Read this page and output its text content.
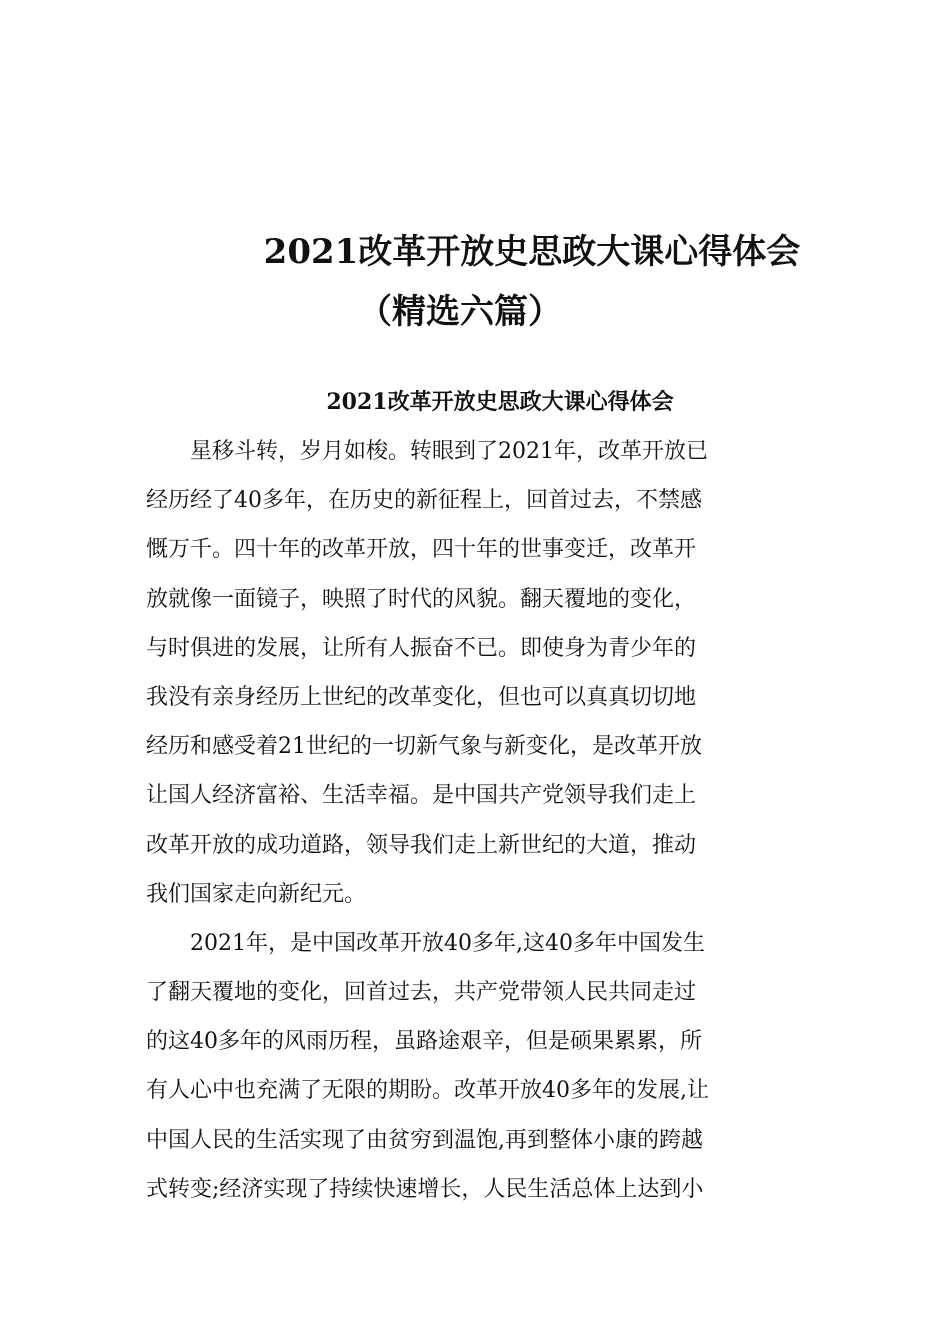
2021改革开放史思政大课心得体会
（精选六篇）
2021改革开放史思政大课心得体会
　　星移斗转，岁月如梭。转眼到了2021年，改革开放已
经历经了40多年，在历史的新征程上，回首过去，不禁感
慨万千。四十年的改革开放，四十年的世事变迁，改革开
放就像一面镜子，映照了时代的风貌。翻天覆地的变化，
与时俱进的发展，让所有人振奋不已。即使身为青少年的
我没有亲身经历上世纪的改革变化，但也可以真真切切地
经历和感受着21世纪的一切新气象与新变化，是改革开放
让国人经济富裕、生活幸福。是中国共产党领导我们走上
改革开放的成功道路，领导我们走上新世纪的大道，推动
我们国家走向新纪元。
　　2021年，是中国改革开放40多年,这40多年中国发生
了翻天覆地的变化，回首过去，共产党带领人民共同走过
的这40多年的风雨历程，虽路途艰辛，但是硕果累累，所
有人心中也充满了无限的期盼。改革开放40多年的发展,让
中国人民的生活实现了由贫穷到温饱,再到整体小康的跨越
式转变;经济实现了持续快速增长，人民生活总体上达到小
